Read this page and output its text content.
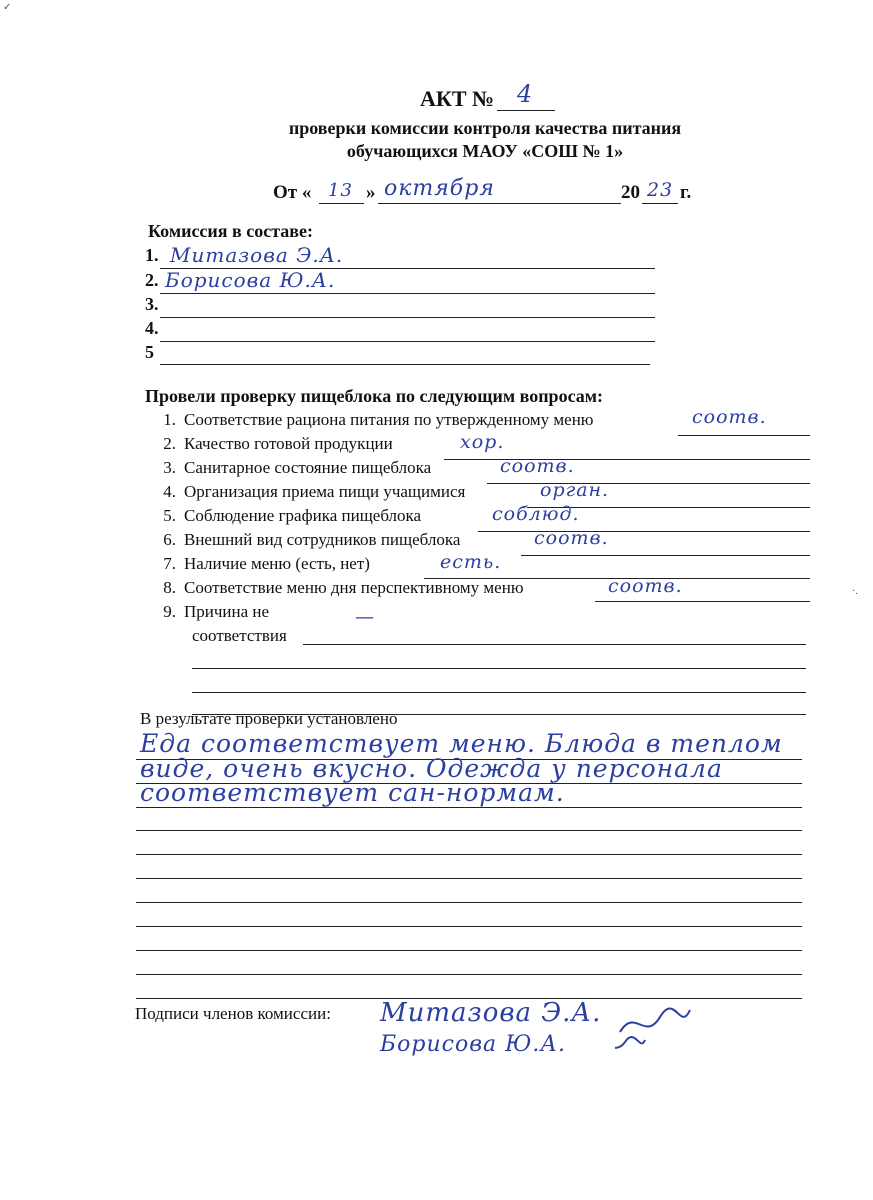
АКТ № 4
проверки комиссии контроля качества питания
обучающихся МАОУ «СОШ № 1»
От « 13 » октября	20 23 г.
Комиссия в составе:
1. Митазова Э.А.
2. Борисова Ю.А.
3.
4.
5
Провели проверку пищеблока по следующим вопросам:
1. Соответствие рациона питания по утвержденному меню	соотв.
2. Качество готовой продукции	хор.
3. Санитарное состояние пищеблока	соотв.
4. Организация приема пищи учащимися	орган.
5. Соблюдение графика пищеблока	соблюд.
6. Внешний вид сотрудников пищеблока	соотв.
7. Наличие меню (есть, нет)	есть.
8. Соответствие меню дня перспективному меню	соотв.
9. Причина не
соответствия
—
В результате проверки установлено
Еда соответствует меню. Блюда в теплом
виде, очень вкусно. Одежда у персонала
соответствует сан-нормам.
Подписи членов комиссии: Митазова Э.А.
Борисова Ю.А.
✓
·.
